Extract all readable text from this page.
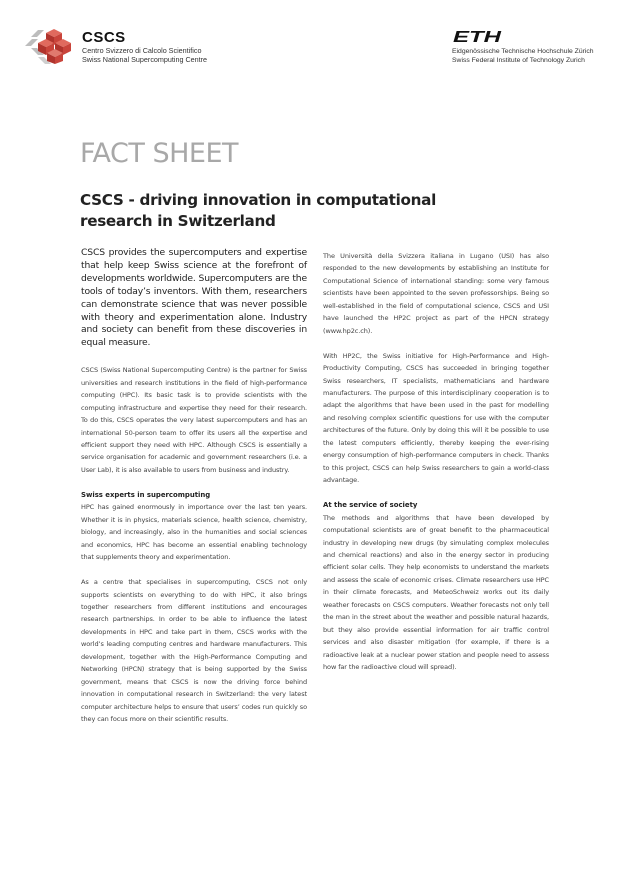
CSCS
Centro Svizzero di Calcolo Scientifico
Swiss National Supercomputing Centre
ETH
Eidgenössische Technische Hochschule Zürich
Swiss Federal Institute of Technology Zurich
FACT SHEET
CSCS - driving innovation in computational research in Switzerland

CSCS provides the supercomputers and expertise that help keep Swiss science at the forefront of developments worldwide. Supercomputers are the tools of today’s inventors. With them, researchers can demonstrate science that was never possible with theory and experimentation alone. Industry and society can benefit from these discoveries in equal measure.

CSCS (Swiss National Supercomputing Centre) is the partner for Swiss universities and research institutions in the field of high-performance computing (HPC). Its basic task is to provide scientists with the computing infrastructure and expertise they need for their research. To do this, CSCS operates the very latest supercomputers and has an international 50-person team to offer its users all the expertise and efficient support they need with HPC. Although CSCS is essentially a service organisation for academic and government researchers (i.e. a User Lab), it is also available to users from business and industry.

Swiss experts in supercomputing

HPC has gained enormously in importance over the last ten years. Whether it is in physics, materials science, health science, chemistry, biology, and increasingly, also in the humanities and social sciences and economics, HPC has become an essential enabling technology that supplements theory and experimentation.

As a centre that specialises in supercomputing, CSCS not only supports scientists on everything to do with HPC, it also brings together researchers from different institutions and encourages research partnerships. In order to be able to influence the latest developments in HPC and take part in them, CSCS works with the world’s leading computing centres and hardware manufacturers. This development, together with the High-Performance Computing and Networking (HPCN) strategy that is being supported by the Swiss government, means that CSCS is now the driving force behind innovation in computational research in Switzerland: the very latest computer architecture helps to ensure that users’ codes run quickly so they can focus more on their scientific results.

The Università della Svizzera italiana in Lugano (USI) has also responded to the new developments by establishing an Institute for Computational Science of international standing: some very famous scientists have been appointed to the seven professorships. Being so well-established in the field of computational science, CSCS and USI have launched the HP2C project as part of the HPCN strategy (www.hp2c.ch).

With HP2C, the Swiss initiative for High-Performance and High-Productivity Computing, CSCS has succeeded in bringing together Swiss researchers, IT specialists, mathematicians and hardware manufacturers. The purpose of this interdisciplinary cooperation is to adapt the algorithms that have been used in the past for modelling and resolving complex scientific questions for use with the computer architectures of the future. Only by doing this will it be possible to use the latest computers efficiently, thereby keeping the ever-rising energy consumption of high-performance computers in check. Thanks to this project, CSCS can help Swiss researchers to gain a world-class advantage.

At the service of society

The methods and algorithms that have been developed by computational scientists are of great benefit to the pharmaceutical industry in developing new drugs (by simulating complex molecules and chemical reactions) and also in the energy sector in producing efficient solar cells. They help economists to understand the markets and assess the scale of economic crises. Climate researchers use HPC in their climate forecasts, and MeteoSchweiz works out its daily weather forecasts on CSCS computers. Weather forecasts not only tell the man in the street about the weather and possible natural hazards, but they also provide essential information for air traffic control services and also disaster mitigation (for example, if there is a radioactive leak at a nuclear power station and people need to assess how far the radioactive cloud will spread).
